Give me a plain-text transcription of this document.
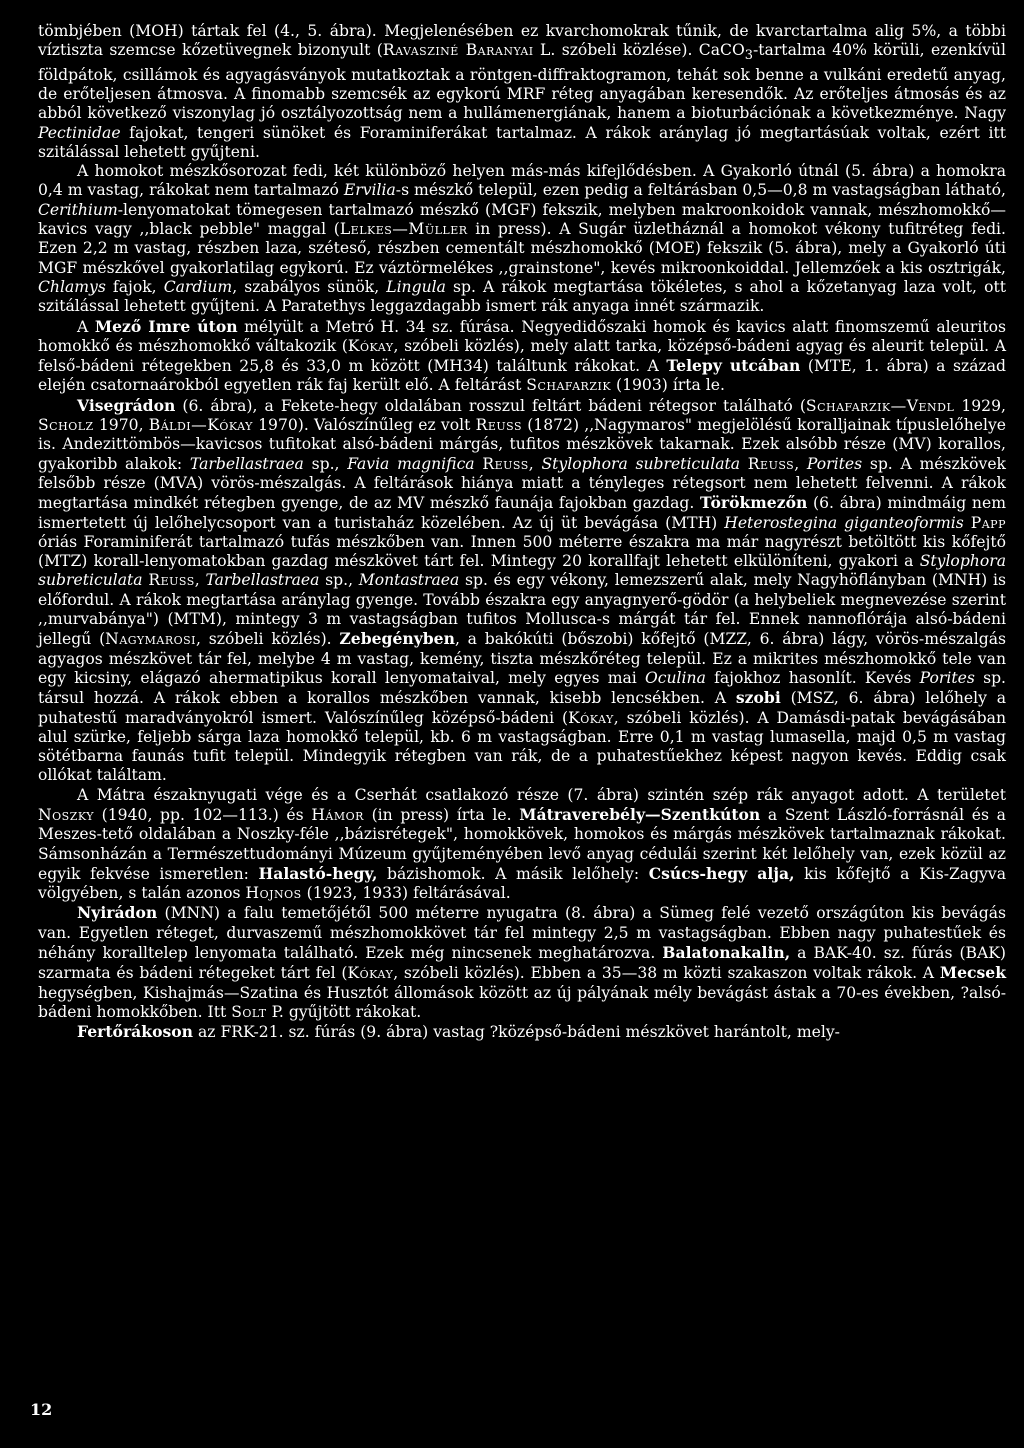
tömbjében (MOH) tártak fel (4., 5. ábra). Megjelenésében ez kvarchomokrak tűnik, de kvarctartalma alig 5%, a többi víztiszta szemcse kőzetüvegnek bizonyult (Ravasziné Baranyai L. szóbeli közlése). CaCO$_3$-tartalma 40% körüli, ezenkívül földpátok, csillámok és agyagásványok mutatkoztak a röntgen-diffraktogramon, tehát sok benne a vulkáni eredetű anyag, de erőteljesen átmosva. A finomabb szemcsék az egykorú MRF réteg anyagában keresendők. Az erőteljes átmosás és az abból következő viszonylag jó osztályozottság nem a hullámenergiának, hanem a bioturbációnak a következménye. Nagy Pectinidae fajokat, tengeri sünöket és Foraminiferákat tartalmaz. A rákok aránylag jó megtartásúak voltak, ezért itt szitálással lehetett gyűjteni.

A homokot mészkősorozat fedi, két különböző helyen más-más kifejlődésben. A Gyakorló útnál (5. ábra) a homokra 0,4 m vastag, rákokat nem tartalmazó Ervilia-s mészkő települ, ezen pedig a feltárásban 0,5—0,8 m vastagságban látható, Cerithium-lenyomatokat tömegesen tartalmazó mészkő (MGF) fekszik, melyben makroonkoidok vannak, mészhomokkő—kavics vagy ,,black pebble" maggal (Lelkes—Müller in press). A Sugár üzletháznál a homokot vékony tufitréteg fedi. Ezen 2,2 m vastag, részben laza, széteső, részben cementált mészhomokkő (MOE) fekszik (5. ábra), mely a Gyakorló úti MGF mészkővel gyakorlatilag egykorú. Ez váztörmelékes ,,grainstone", kevés mikroonkoiddal. Jellemzőek a kis osztrigák, Chlamys fajok, Cardium, szabályos sünök, Lingula sp. A rákok megtartása tökéletes, s ahol a kőzetanyag laza volt, ott szitálással lehetett gyűjteni. A Paratethys leggazdagabb ismert rák anyaga innét származik.

A Mező Imre úton mélyült a Metró H. 34 sz. fúrása. Negyedidőszaki homok és kavics alatt finomszemű aleuritos homokkő és mészhomokkő váltakozik (Kókay, szóbeli közlés), mely alatt tarka, középső-bádeni agyag és aleurit települ. A felső-bádeni rétegekben 25,8 és 33,0 m között (MH34) találtunk rákokat. A Telepy utcában (MTE, 1. ábra) a század elején csatornaárokból egyetlen rák faj került elő. A feltárást Schafarzik (1903) írta le.

Visegrádon (6. ábra), a Fekete-hegy oldalában rosszul feltárt bádeni rétegsor található (Schafarzik—Vendl 1929, Scholz 1970, Báldi—Kókay 1970). Valószínűleg ez volt Reuss (1872) ,,Nagymaros" megjelölésű koralljainak típuslelőhelye is. Andezittömbös—kavicsos tufitokat alsó-bádeni márgás, tufitos mészkövek takarnak. Ezek alsóbb része (MV) korallos, gyakoribb alakok: Tarbellastraea sp., Favia magnifica Reuss, Stylophora subreticulata Reuss, Porites sp. A mészkövek felsőbb része (MVA) vörös-mészalgás. A feltárások hiánya miatt a tényleges rétegsort nem lehetett felvenni. A rákok megtartása mindkét rétegben gyenge, de az MV mészkő faunája fajokban gazdag. Törökmezőn (6. ábra) mindmáig nem ismertetett új lelőhelycsoport van a turistaház közelében. Az új üt bevágása (MTH) Heterostegina giganteoformis Papp óriás Foraminiferát tartalmazó tufás mészkőben van. Innen 500 méterre északra ma már nagyrészt betöltött kis kőfejtő (MTZ) korall-lenyomatokban gazdag mészkövet tárt fel. Mintegy 20 korallfajt lehetett elkülöníteni, gyakori a Stylophora subreticulata Reuss, Tarbellastraea sp., Montastraea sp. és egy vékony, lemezszerű alak, mely Nagyhöflányban (MNH) is előfordul. A rákok megtartása aránylag gyenge. Tovább északra egy anyagnyerő-gödör (a helybeliek megnevezése szerint ,,murvabánya") (MTM), mintegy 3 m vastagságban tufitos Mollusca-s márgát tár fel. Ennek nannoflórája alsó-bádeni jellegű (Nagymarosi, szóbeli közlés). Zebegényben, a bakókúti (bőszobi) kőfejtő (MZZ, 6. ábra) lágy, vörös-mészalgás agyagos mészkövet tár fel, melybe 4 m vastag, kemény, tiszta mészkőréteg települ. Ez a mikrites mészhomokkő tele van egy kicsiny, elágazó ahermatipikus korall lenyomataival, mely egyes mai Oculina fajokhoz hasonlít. Kevés Porites sp. társul hozzá. A rákok ebben a korallos mészkőben vannak, kisebb lencsékben. A szobi (MSZ, 6. ábra) lelőhely a puhatestű maradványokról ismert. Valószínűleg középső-bádeni (Kókay, szóbeli közlés). A Damásdi-patak bevágásában alul szürke, feljebb sárga laza homokkő települ, kb. 6 m vastagságban. Erre 0,1 m vastag lumasella, majd 0,5 m vastag sötétbarna faunás tufit települ. Mindegyik rétegben van rák, de a puhatestűekhez képest nagyon kevés. Eddig csak ollókat találtam.

A Mátra északnyugati vége és a Cserhát csatlakozó része (7. ábra) szintén szép rák anyagot adott. A területet Noszky (1940, pp. 102—113.) és Hámor (in press) írta le. Mátraverebély—Szentkúton a Szent László-forrásnál és a Meszes-tető oldalában a Noszky-féle ,,bázisrétegek", homokkövek, homokos és márgás mészkövek tartalmaznak rákokat. Sámsonházán a Természettudományi Múzeum gyűjteményében levő anyag cédulái szerint két lelőhely van, ezek közül az egyik fekvése ismeretlen: Halastó-hegy, bázishomok. A másik lelőhely: Csúcs-hegy alja, kis kőfejtő a Kis-Zagyva völgyében, s talán azonos Hojnos (1923, 1933) feltárásával.

Nyirádon (MNN) a falu temetőjétől 500 méterre nyugatra (8. ábra) a Sümeg felé vezető országúton kis bevágás van. Egyetlen réteget, durvaszemű mészhomokkövet tár fel mintegy 2,5 m vastagságban. Ebben nagy puhatestűek és néhány koralltelep lenyomata található. Ezek még nincsenek meghatározva. Balatonakalin, a BAK-40. sz. fúrás (BAK) szarmata és bádeni rétegeket tárt fel (Kókay, szóbeli közlés). Ebben a 35—38 m közti szakaszon voltak rákok. A Mecsek hegységben, Kishajmás—Szatina és Husztót állomások között az új pályának mély bevágást ástak a 70-es években, ?alsó-bádeni homokkőben. Itt Solt P. gyűjtött rákokat.

Fertőrákoson az FRK-21. sz. fúrás (9. ábra) vastag ?középső-bádeni mészkövet harántolt, mely-

12
